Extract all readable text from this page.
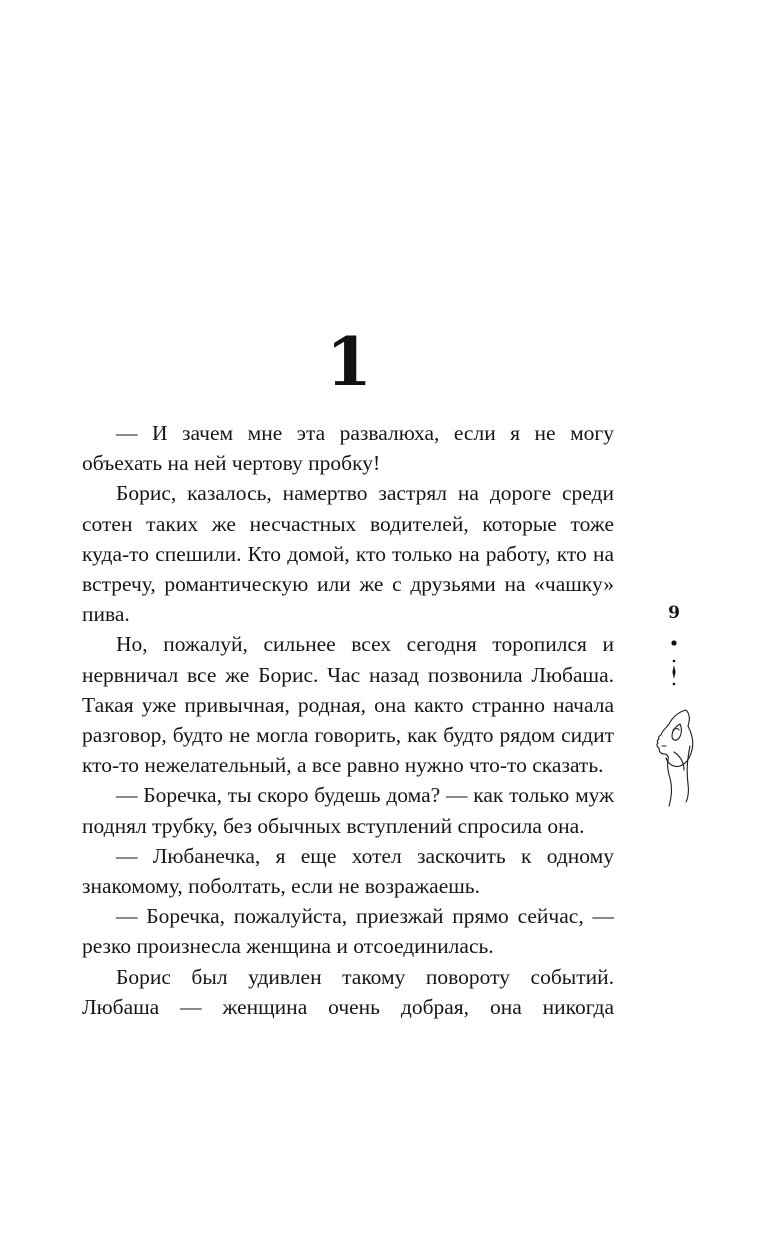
1

— И зачем мне эта развалюха, если я не могу объехать на ней чертову пробку!

Борис, казалось, намертво застрял на дороге среди сотен таких же несчастных водителей, которые тоже куда-то спешили. Кто домой, кто только на работу, кто на встречу, романтическую или же с друзьями на «чашку» пива.

Но, пожалуй, сильнее всех сегодня торопился и нервничал все же Борис. Час назад позвонила Любаша. Такая уже привычная, родная, она както странно начала разговор, будто не могла говорить, как будто рядом сидит кто-то нежелательный, а все равно нужно что-то сказать.

— Боречка, ты скоро будешь дома? — как только муж поднял трубку, без обычных вступлений спросила она.

— Любанечка, я еще хотел заскочить к одному знакомому, поболтать, если не возражаешь.

— Боречка, пожалуйста, приезжай прямо сейчас, — резко произнесла женщина и отсоединилась.

Борис был удивлен такому повороту событий. Любаша — женщина очень добрая, она никогда

9
